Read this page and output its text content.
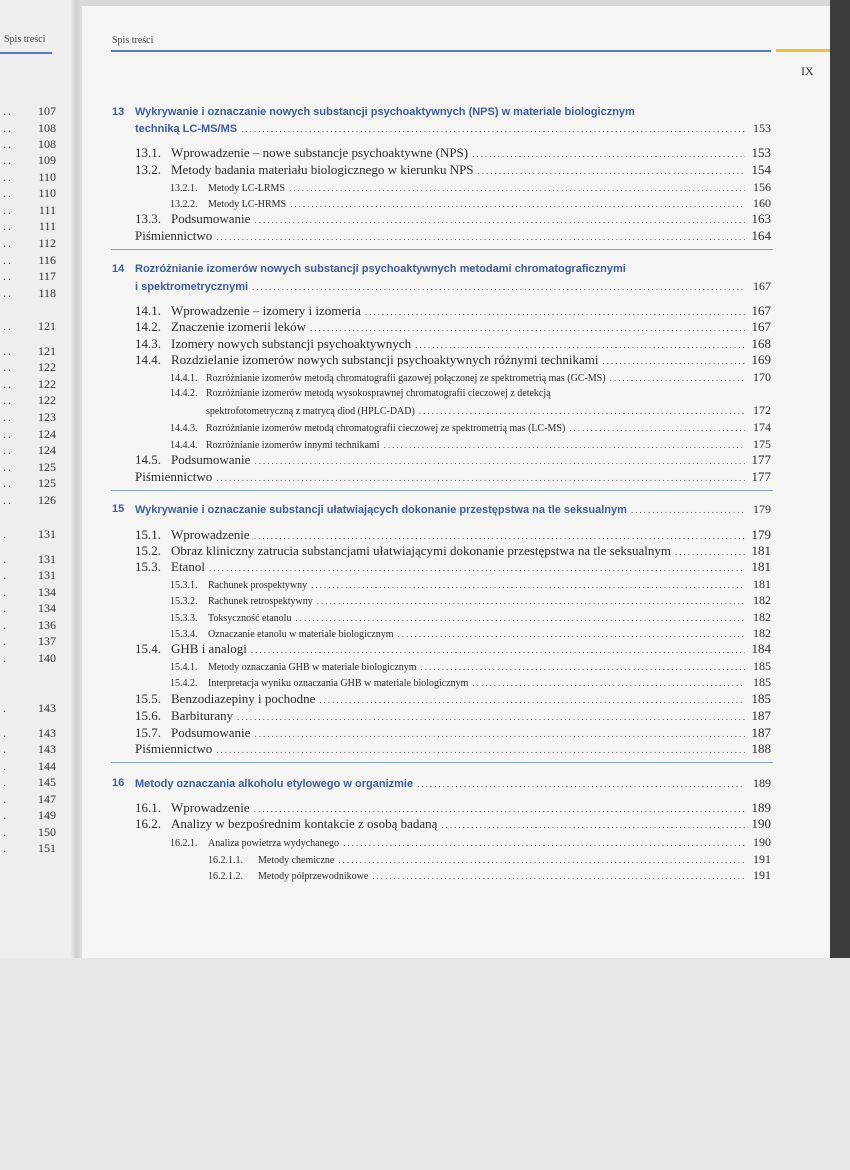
Spis treści
.. 107
.. 108
.. 108
.. 109
.. 110
.. 110
.. 111
.. 111
.. 112
.. 116
.. 117
.. 118
.. 121
.. 121
.. 122
.. 122
.. 122
.. 123
.. 124
.. 124
.. 125
.. 125
.. 126
.	131
.	131
.	131
.	134
.	134
.	136
.	137
.	140
.	143
.	143
.	143
.	144
.	145
.	147
.	149
.	150
.	151
Spis treści
IX
13 Wykrywanie i oznaczanie nowych substancji psychoaktywnych (NPS) w materiale biologicznym
techniką LC-MS/MS .....	153
13.1. Wprowadzenie – nowe substancje psychoaktywne (NPS) .....	153
13.2. Metody badania materiału biologicznego w kierunku NPS .....	154
13.2.1.	Metody LC-LRMS .....	156
13.2.2.	Metody LC-HRMS .....	160
13.3. Podsumowanie .....	163
Piśmiennictwo .....	164
14 Rozróżnianie izomerów nowych substancji psychoaktywnych metodami chromatograficznymi
i spektrometrycznymi .....	167
14.1. Wprowadzenie – izomery i izomeria .....	167
14.2. Znaczenie izomerii leków .....	167
14.3. Izomery nowych substancji psychoaktywnych .....	168
14.4. Rozdzielanie izomerów nowych substancji psychoaktywnych różnymi technikami .....	169
14.4.1. Rozróżnianie izomerów metodą chromatografii gazowej połączonej ze spektrometrią mas (GC-MS) .....	170
14.4.2. Rozróżnianie izomerów metodą wysokosprawnej chromatografii cieczowej z detekcją
spektrofotometryczną z matrycą diod (HPLC-DAD) .....	172
14.4.3. Rozróżnianie izomerów metodą chromatografii cieczowej ze spektrometrią mas (LC-MS) .....	174
14.4.4. Rozróżnianie izomerów innymi technikami .....	175
14.5. Podsumowanie .....	177
Piśmiennictwo .....	177
15 Wykrywanie i oznaczanie substancji ułatwiających dokonanie przestępstwa na tle seksualnym .....	179
15.1. Wprowadzenie .....	179
15.2. Obraz kliniczny zatrucia substancjami ułatwiającymi dokonanie przestępstwa na tle seksualnym .....	181
15.3. Etanol .....	181
15.3.1.	Rachunek prospektywny .....	181
15.3.2.	Rachunek retrospektywny .....	182
15.3.3.	Toksyczność etanolu .....	182
15.3.4.	Oznaczanie etanolu w materiale biologicznym .....	182
15.4. GHB i analogi .....	184
15.4.1.	Metody oznaczania GHB w materiale biologicznym .....	185
15.4.2.	Interpretacja wyniku oznaczania GHB w materiale biologicznym .....	185
15.5. Benzodiazepiny i pochodne .....	185
15.6. Barbiturany .....	187
15.7. Podsumowanie .....	187
Piśmiennictwo .....	188
16 Metody oznaczania alkoholu etylowego w organizmie .....	189
16.1. Wprowadzenie .....	189
16.2. Analizy w bezpośrednim kontakcie z osobą badaną .....	190
16.2.1.	Analiza powietrza wydychanego .....	190
16.2.1.1.	Metody chemiczne .....	191
16.2.1.2.	Metody półprzewodnikowe .....	191
